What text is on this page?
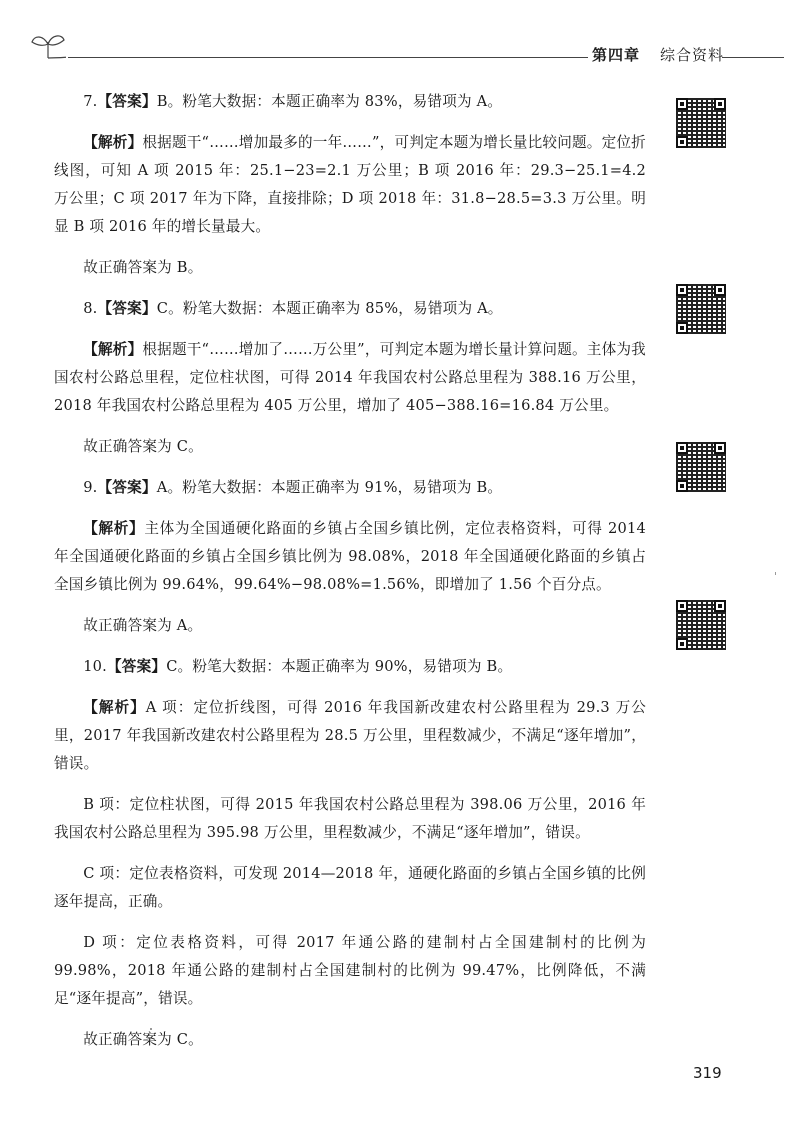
第四章 综合资料

7.【答案】B。粉笔大数据：本题正确率为 83%，易错项为 A。

【解析】根据题干“……增加最多的一年……”，可判定本题为增长量比较问题。定位折线图，可知 A 项 2015 年：25.1−23=2.1 万公里；B 项 2016 年：29.3−25.1=4.2 万公里；C 项 2017 年为下降，直接排除；D 项 2018 年：31.8−28.5=3.3 万公里。明显 B 项 2016 年的增长量最大。

故正确答案为 B。

8.【答案】C。粉笔大数据：本题正确率为 85%，易错项为 A。

【解析】根据题干“……增加了……万公里”，可判定本题为增长量计算问题。主体为我国农村公路总里程，定位柱状图，可得 2014 年我国农村公路总里程为 388.16 万公里，2018 年我国农村公路总里程为 405 万公里，增加了 405−388.16=16.84 万公里。

故正确答案为 C。

9.【答案】A。粉笔大数据：本题正确率为 91%，易错项为 B。

【解析】主体为全国通硬化路面的乡镇占全国乡镇比例，定位表格资料，可得 2014 年全国通硬化路面的乡镇占全国乡镇比例为 98.08%，2018 年全国通硬化路面的乡镇占全国乡镇比例为 99.64%，99.64%−98.08%=1.56%，即增加了 1.56 个百分点。

故正确答案为 A。

10.【答案】C。粉笔大数据：本题正确率为 90%，易错项为 B。

【解析】A 项：定位折线图，可得 2016 年我国新改建农村公路里程为 29.3 万公里，2017 年我国新改建农村公路里程为 28.5 万公里，里程数减少，不满足“逐年增加”，错误。

B 项：定位柱状图，可得 2015 年我国农村公路总里程为 398.06 万公里，2016 年我国农村公路总里程为 395.98 万公里，里程数减少，不满足“逐年增加”，错误。

C 项：定位表格资料，可发现 2014—2018 年，通硬化路面的乡镇占全国乡镇的比例逐年提高，正确。

D 项：定位表格资料，可得 2017 年通公路的建制村占全国建制村的比例为 99.98%，2018 年通公路的建制村占全国建制村的比例为 99.47%，比例降低，不满足“逐年提高”，错误。

故正确答案为 C。

319
